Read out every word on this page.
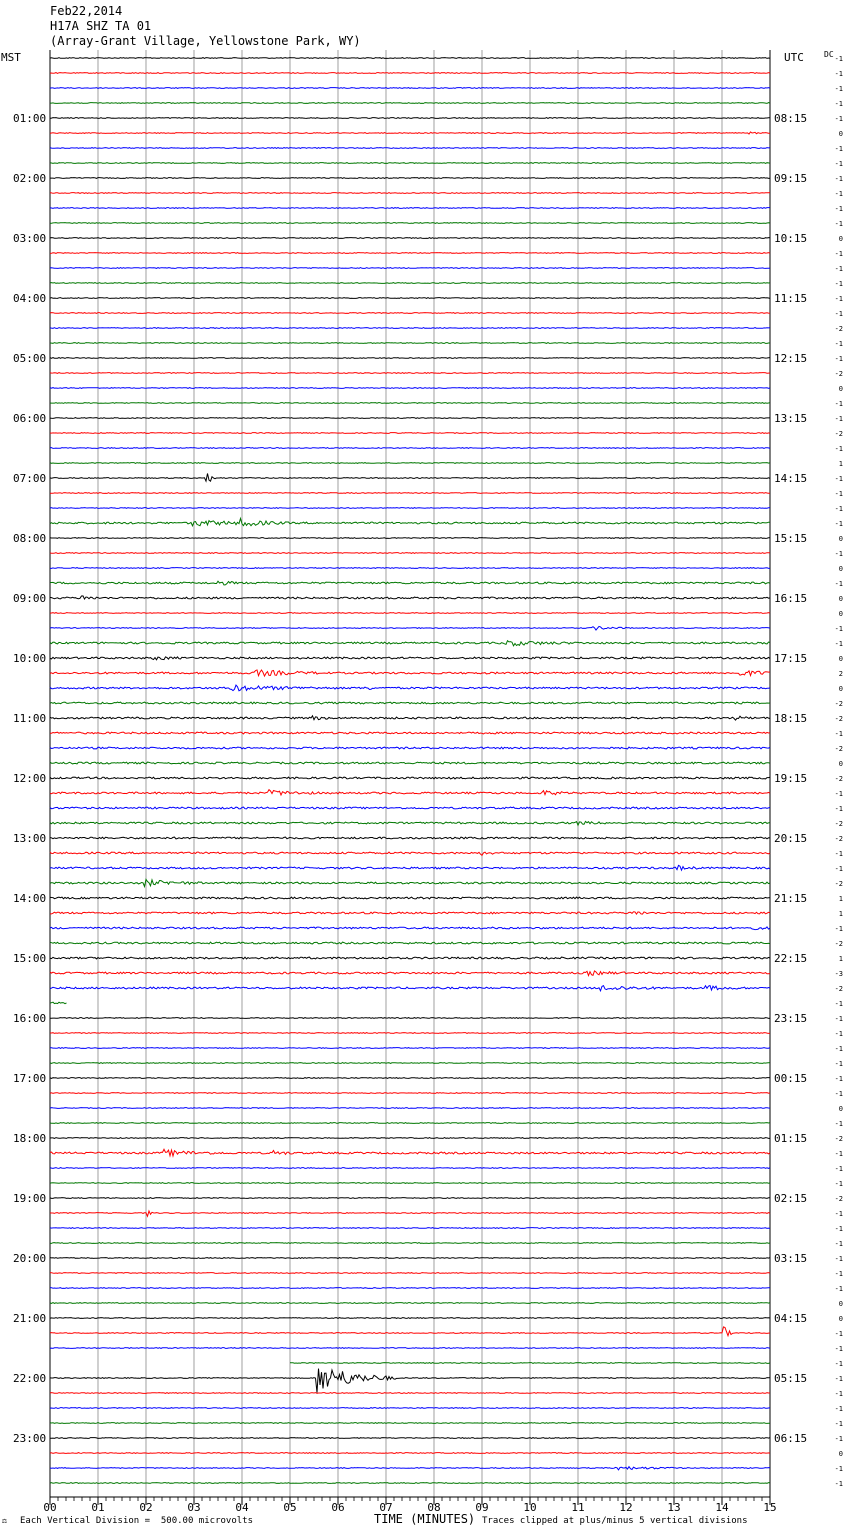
Feb22,2014
H17A SHZ TA 01
(Array-Grant Village, Yellowstone Park, WY)
MST	UTC	DC
01:00	08:15
02:00	09:15
03:00	10:15
04:00	11:15
05:00	12:15
06:00	13:15
07:00	14:15
08:00	15:15
09:00	16:15
10:00	17:15
11:00	18:15
12:00	19:15
13:00	20:15
14:00	21:15
15:00	22:15
16:00	23:15
17:00	00:15
18:00	01:15
19:00	02:15
20:00	03:15
21:00	04:15
22:00	05:15
23:00	06:15
-1
-1
-1
-1
-1
0
-1
-1
-1
-1
-1
-1
0
-1
-1
-1
-1
-1
-2
-1
-1
-2
0
-1
-1
-2
-1
1
-1
-1
-1
-1
0
-1
0
-1
0
0
-1
-1
0
2
0
-2
-2
-1
-2
0
-2
-1
-1
-2
-2
-1
-1
-2
1
1
-1
-2
1
-3
-2
-1
-1
-1
-1
-1
-1
-1
0
-1
-2
-1
-1
-1
-2
-1
-1
-1
-1
-1
-1
0
0
-1
-1
-1
-1
-1
-1
-1
-1
0
-1
-1
00	01	02	03	04	05	06	07	08	09	10	11	12	13	14	15
TIME (MINUTES)
Each Vertical Division =  500.00 microvolts	Traces clipped at plus/minus 5 vertical divisions
⚖
